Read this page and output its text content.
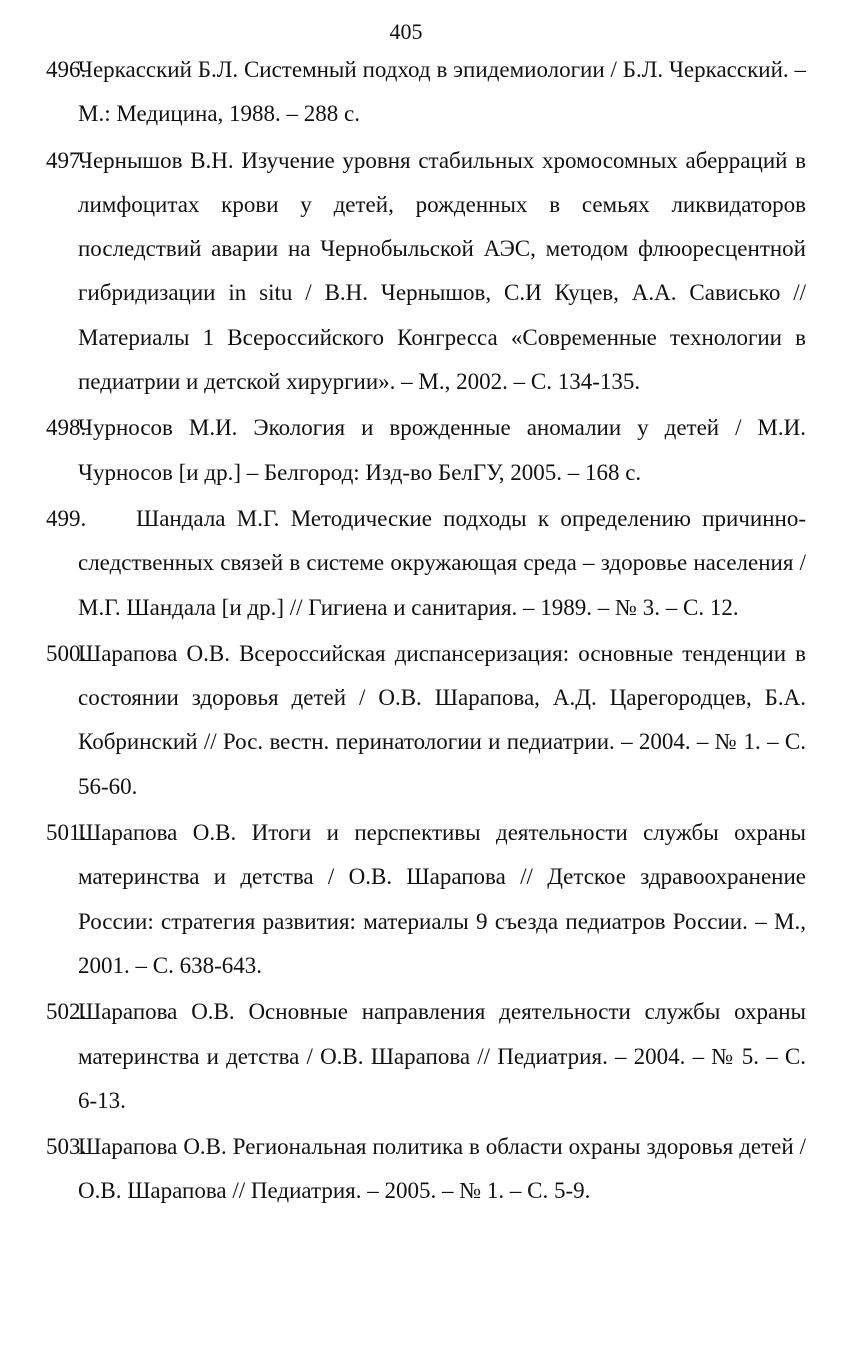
405
496.
Черкасский Б.Л. Системный подход в эпидемиологии / Б.Л. Черкасский. – М.: Медицина, 1988. – 288 с.
497.
Чернышов В.Н. Изучение уровня стабильных хромосомных аберраций в лимфоцитах крови у детей, рожденных в семьях ликвидаторов последствий аварии на Чернобыльской АЭС, методом флюоресцентной гибридизации in situ / В.Н. Чернышов, С.И Куцев, А.А. Сависько // Материалы 1 Всероссийского Конгресса «Современные технологии в педиатрии и детской хирургии». – М., 2002. – С. 134-135.
498.
Чурносов М.И. Экология и врожденные аномалии у детей / М.И. Чурносов [и др.] – Белгород: Изд-во БелГУ, 2005. – 168 с.
499. Шандала М.Г. Методические подходы к определению причинно-следственных связей в системе окружающая среда – здоровье населения / М.Г. Шандала [и др.] // Гигиена и санитария. – 1989. – № 3. – С. 12.
500.
Шарапова О.В. Всероссийская диспансеризация: основные тенденции в состоянии здоровья детей / О.В. Шарапова, А.Д. Царегородцев, Б.А. Кобринский // Рос. вестн. перинатологии и педиатрии. – 2004. – № 1. – С. 56-60.
501.
Шарапова О.В. Итоги и перспективы деятельности службы охраны материнства и детства / О.В. Шарапова // Детское здравоохранение России: стратегия развития: материалы 9 съезда педиатров России. – М., 2001. – С. 638-643.
502.
Шарапова О.В. Основные направления деятельности службы охраны материнства и детства / О.В. Шарапова // Педиатрия. – 2004. – № 5. – С. 6-13.
503.
Шарапова О.В. Региональная политика в области охраны здоровья детей / О.В. Шарапова // Педиатрия. – 2005. – № 1. – С. 5-9.
